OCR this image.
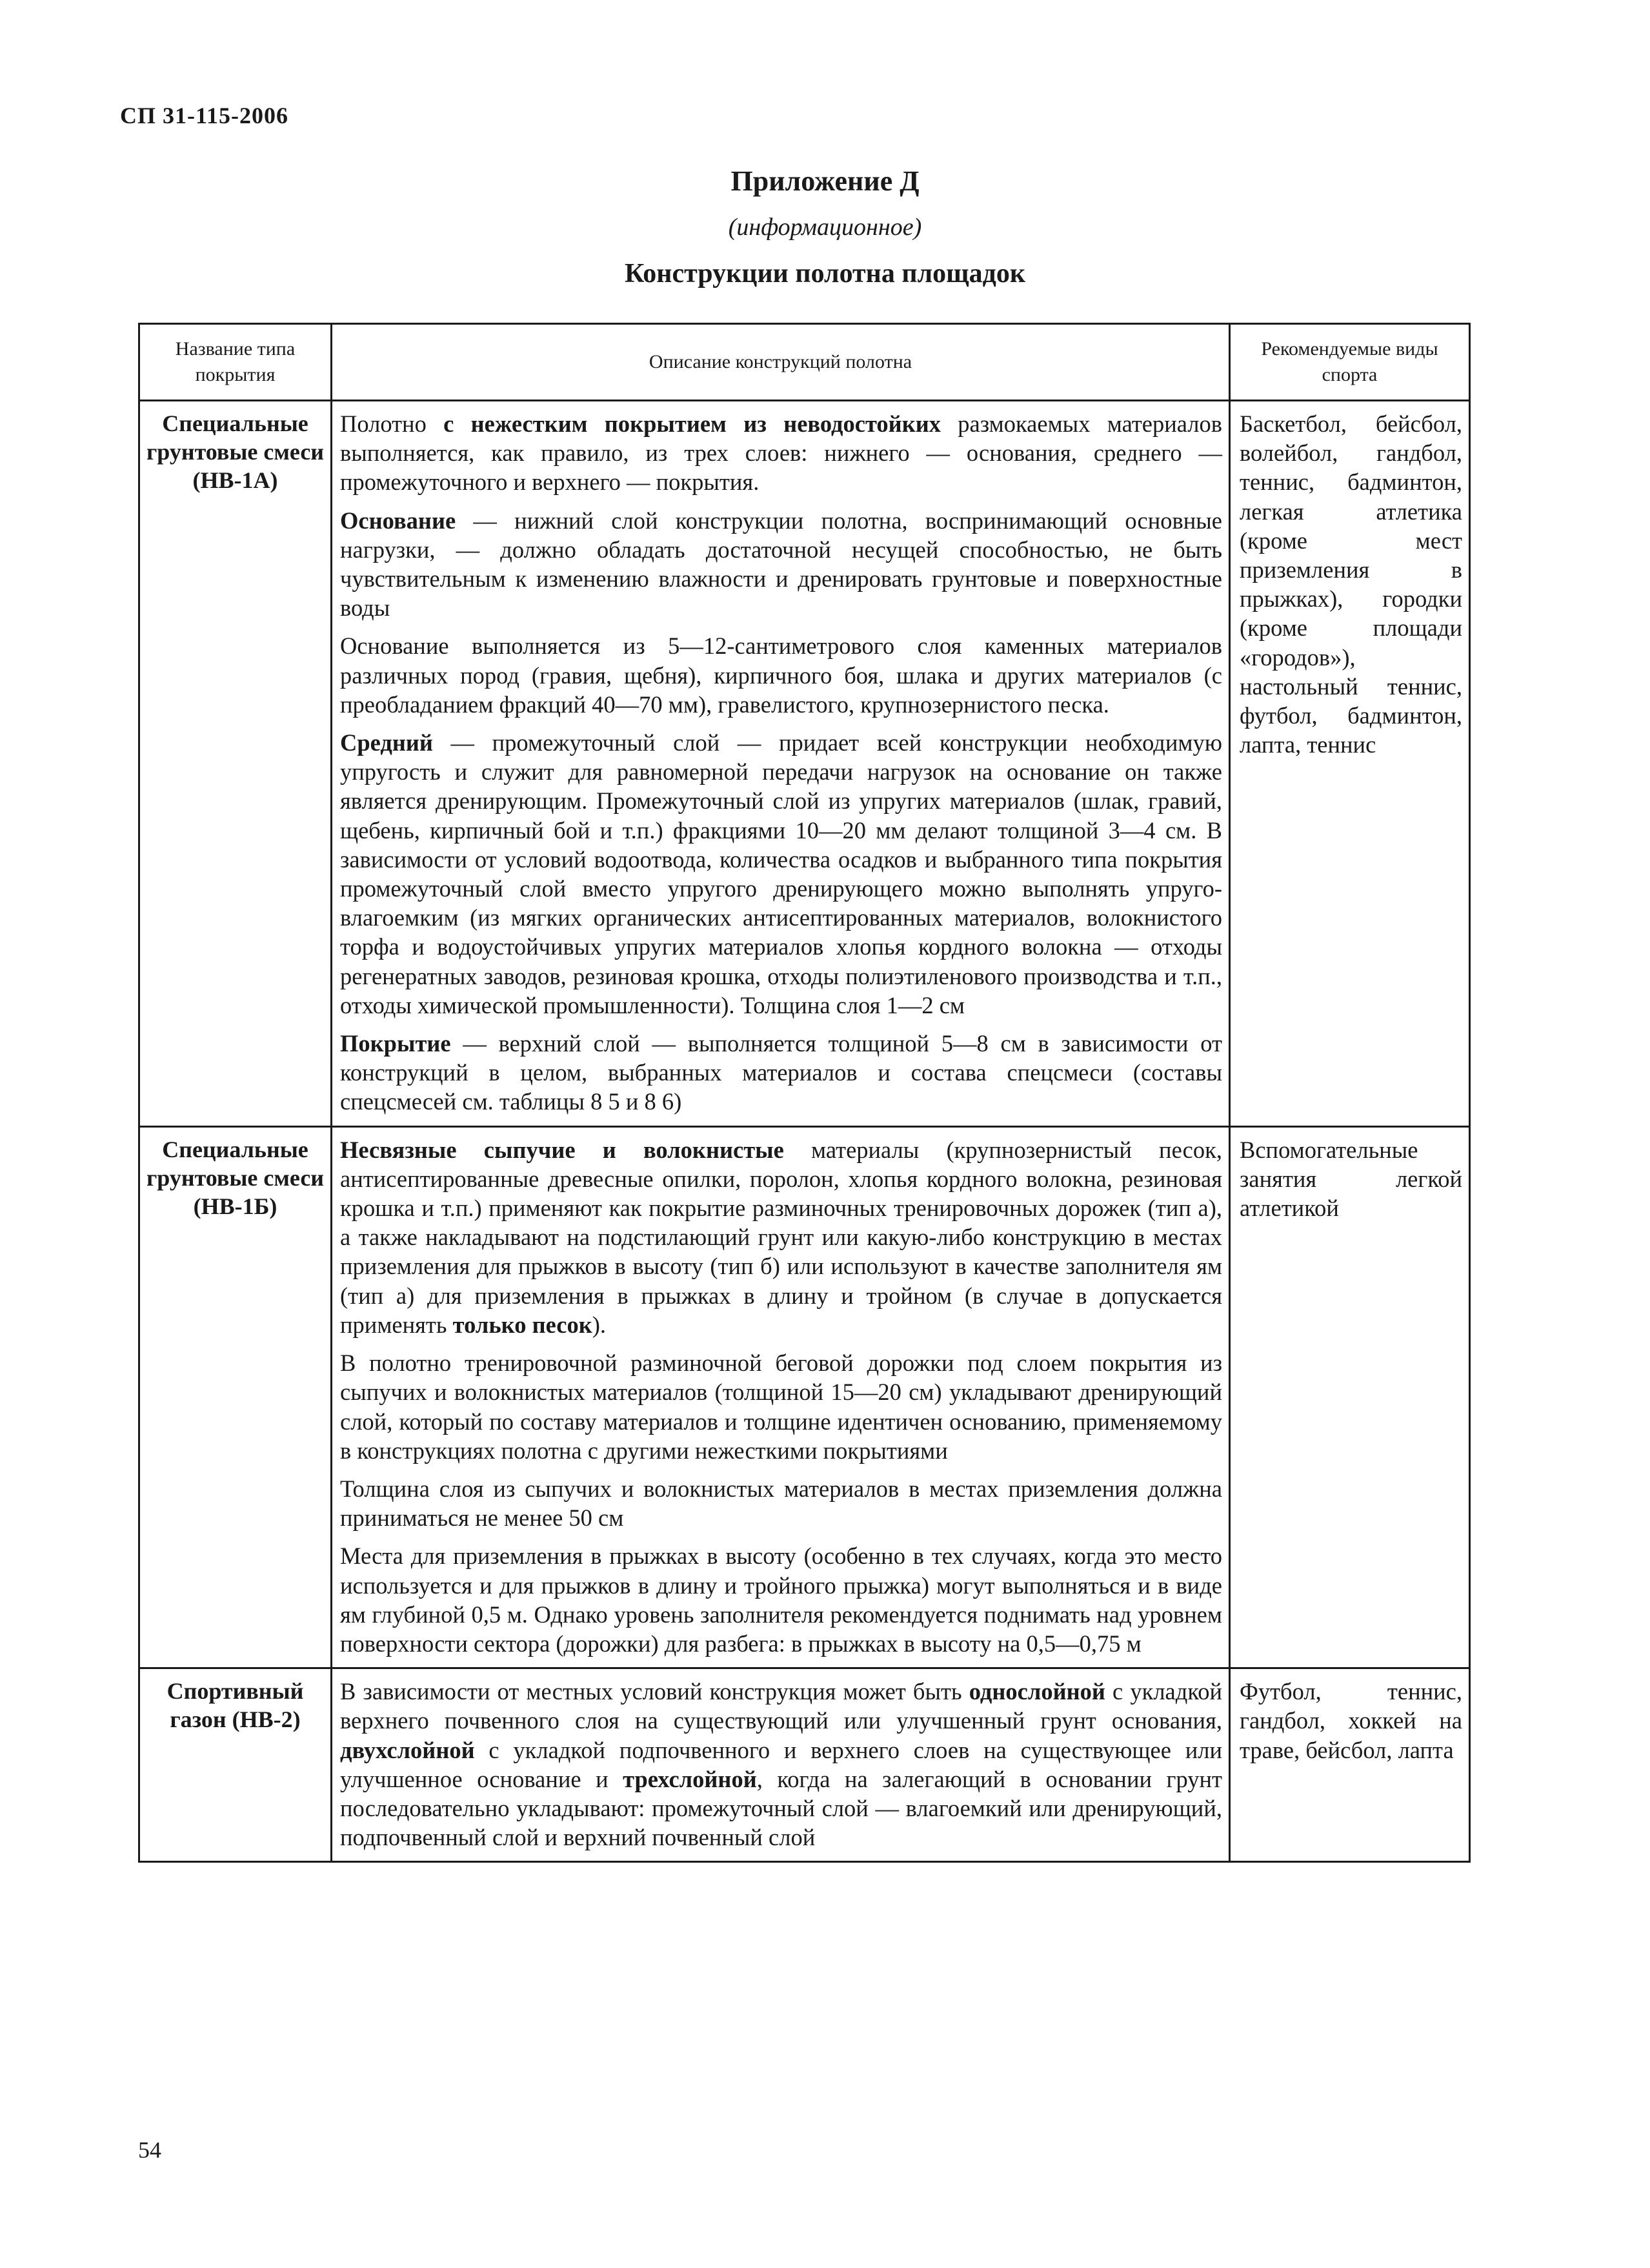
СП 31-115-2006
Приложение Д
(информационное)
Конструкции полотна площадок
Название типа покрытия	Описание конструкций полотна	Рекомендуемые виды спорта
Специальные грунтовые смеси (НВ-1А)	Полотно с нежестким покрытием из неводостойких размокаемых материалов выполняется, как правило, из трех слоев: нижнего — основания, среднего — промежуточного и верхнего — покрытия.

Основание — нижний слой конструкции полотна, воспринимающий основные нагрузки, — должно обладать достаточной несущей способностью, не быть чувствительным к изменению влажности и дренировать грунтовые и поверхностные воды

Основание выполняется из 5—12-сантиметрового слоя каменных материалов различных пород (гравия, щебня), кирпичного боя, шлака и других материалов (с преобладанием фракций 40—70 мм), гравелистого, крупнозернистого песка.

Средний — промежуточный слой — придает всей конструкции необходимую упругость и служит для равномерной передачи нагрузок на основание он также является дренирующим. Промежуточный слой из упругих материалов (шлак, гравий, щебень, кирпичный бой и т.п.) фракциями 10—20 мм делают толщиной 3—4 см. В зависимости от условий водоотвода, количества осадков и выбранного типа покрытия промежуточный слой вместо упругого дренирующего можно выполнять упруго-влагоемким (из мягких органических антисептированных материалов, волокнистого торфа и водоустойчивых упругих материалов хлопья кордного волокна — отходы регенератных заводов, резиновая крошка, отходы полиэтиленового производства и т.п., отходы химической промышленности). Толщина слоя 1—2 см

Покрытие — верхний слой — выполняется толщиной 5—8 см в зависимости от конструкций в целом, выбранных материалов и состава спецсмеси (составы спецсмесей см. таблицы 8 5 и 8 6)	Баскетбол, бейсбол, волейбол, гандбол, теннис, бадминтон, легкая атлетика (кроме мест приземления в прыжках), городки (кроме площади «городов»), настольный теннис, футбол, бадминтон, лапта, теннис
Специальные грунтовые смеси (НВ-1Б)	Несвязные сыпучие и волокнистые материалы (крупнозернистый песок, антисептированные древесные опилки, поролон, хлопья кордного волокна, резиновая крошка и т.п.) применяют как покрытие разминочных тренировочных дорожек (тип а), а также накладывают на подстилающий грунт или какую-либо конструкцию в местах приземления для прыжков в высоту (тип б) или используют в качестве заполнителя ям (тип а) для приземления в прыжках в длину и тройном (в случае в допускается применять только песок).

В полотно тренировочной разминочной беговой дорожки под слоем покрытия из сыпучих и волокнистых материалов (толщиной 15—20 см) укладывают дренирующий слой, который по составу материалов и толщине идентичен основанию, применяемому в конструкциях полотна с другими нежесткими покрытиями

Толщина слоя из сыпучих и волокнистых материалов в местах приземления должна приниматься не менее 50 см

Места для приземления в прыжках в высоту (особенно в тех случаях, когда это место используется и для прыжков в длину и тройного прыжка) могут выполняться и в виде ям глубиной 0,5 м. Однако уровень заполнителя рекомендуется поднимать над уровнем поверхности сектора (дорожки) для разбега: в прыжках в высоту на 0,5—0,75 м	Вспомогательные занятия легкой атлетикой
Спортивный газон (НВ-2)	В зависимости от местных условий конструкция может быть однослойной с укладкой верхнего почвенного слоя на существующий или улучшенный грунт основания, двухслойной с укладкой подпочвенного и верхнего слоев на существующее или улучшенное основание и трехслойной, когда на залегающий в основании грунт последовательно укладывают: промежуточный слой — влагоемкий или дренирующий, подпочвенный слой и верхний почвенный слой	Футбол, теннис, гандбол, хоккей на траве, бейсбол, лапта
54
